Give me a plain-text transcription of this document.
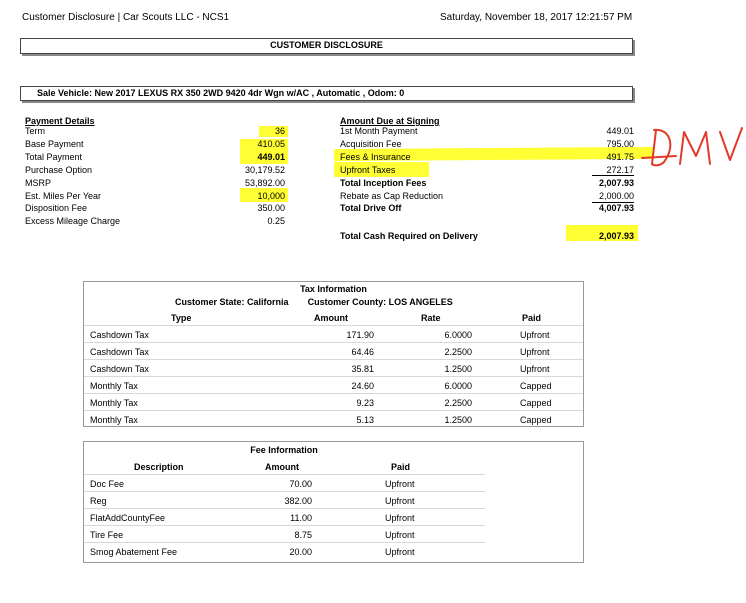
Customer Disclosure | Car Scouts LLC - NCS1	Saturday, November 18, 2017 12:21:57 PM
CUSTOMER DISCLOSURE
Sale Vehicle: New 2017 LEXUS RX 350 2WD 9420 4dr Wgn w/AC , Automatic , Odom: 0
Payment Details
Term	36
Base Payment	410.05
Total Payment	449.01
Purchase Option	30,179.52
MSRP	53,892.00
Est. Miles Per Year	10,000
Disposition Fee	350.00
Excess Mileage Charge	0.25
Amount Due at Signing
1st Month Payment	449.01
Acquisition Fee	795.00
Fees & Insurance	491.75
Upfront Taxes	272.17
Total Inception Fees	2,007.93
Rebate as Cap Reduction	2,000.00
Total Drive Off	4,007.93
Total Cash Required on Delivery	2,007.93
Tax Information
Customer State: California Customer County: LOS ANGELES
Type	Amount	Rate	Paid
Cashdown Tax	171.90	6.0000	Upfront
Cashdown Tax	64.46	2.2500	Upfront
Cashdown Tax	35.81	1.2500	Upfront
Monthly Tax	24.60	6.0000	Capped
Monthly Tax	9.23	2.2500	Capped
Monthly Tax	5.13	1.2500	Capped
Fee Information
Description	Amount	Paid
Doc Fee	70.00	Upfront
Reg	382.00	Upfront
FlatAddCountyFee	11.00	Upfront
Tire Fee	8.75	Upfront
Smog Abatement Fee	20.00	Upfront
